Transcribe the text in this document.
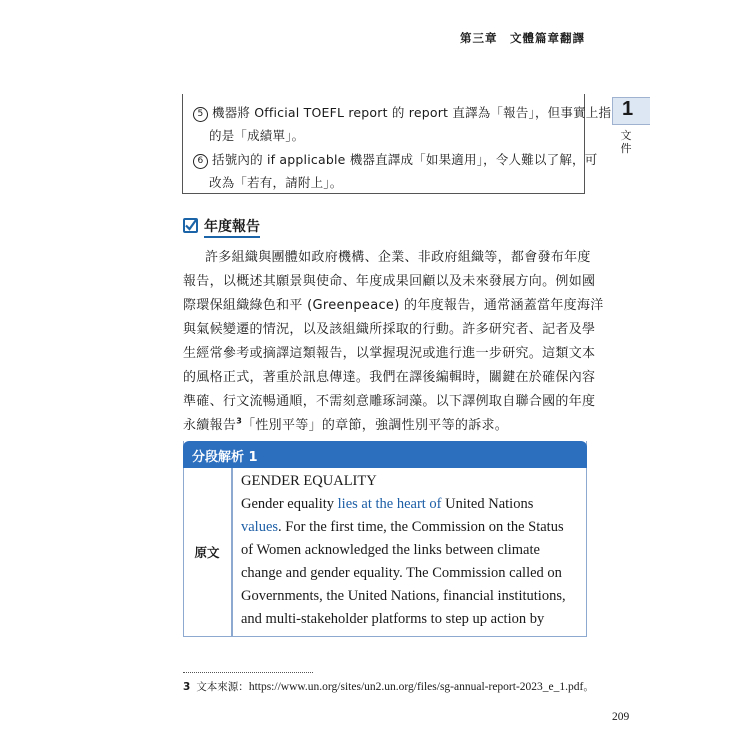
第三章　文體篇章翻譯
1
文
件
5 機器將 Official TOEFL report 的 report 直譯為「報告」，但事實上指
的是「成績單」。
6 括號內的 if applicable 機器直譯成「如果適用」，令人難以了解，可
改為「若有，請附上」。
年度報告
許多組織與團體如政府機構、企業、非政府組織等，都會發布年度
報告，以概述其願景與使命、年度成果回顧以及未來發展方向。例如國
際環保組織綠色和平 (Greenpeace) 的年度報告，通常涵蓋當年度海洋
與氣候變遷的情況，以及該組織所採取的行動。許多研究者、記者及學
生經常參考或摘譯這類報告，以掌握現況或進行進一步研究。這類文本
的風格正式，著重於訊息傳達。我們在譯後編輯時，關鍵在於確保內容
準確、行文流暢通順，不需刻意雕琢詞藻。以下譯例取自聯合國的年度
永續報告$^3$「性別平等」的章節，強調性別平等的訴求。
分段解析 1
原文
GENDER EQUALITY
Gender equality lies at the heart of United Nations
values. For the first time, the Commission on the Status
of Women acknowledged the links between climate
change and gender equality. The Commission called on
Governments, the United Nations, financial institutions,
and multi-stakeholder platforms to step up action by
3 文本來源：https://www.un.org/sites/un2.un.org/files/sg-annual-report-2023_e_1.pdf。
209
